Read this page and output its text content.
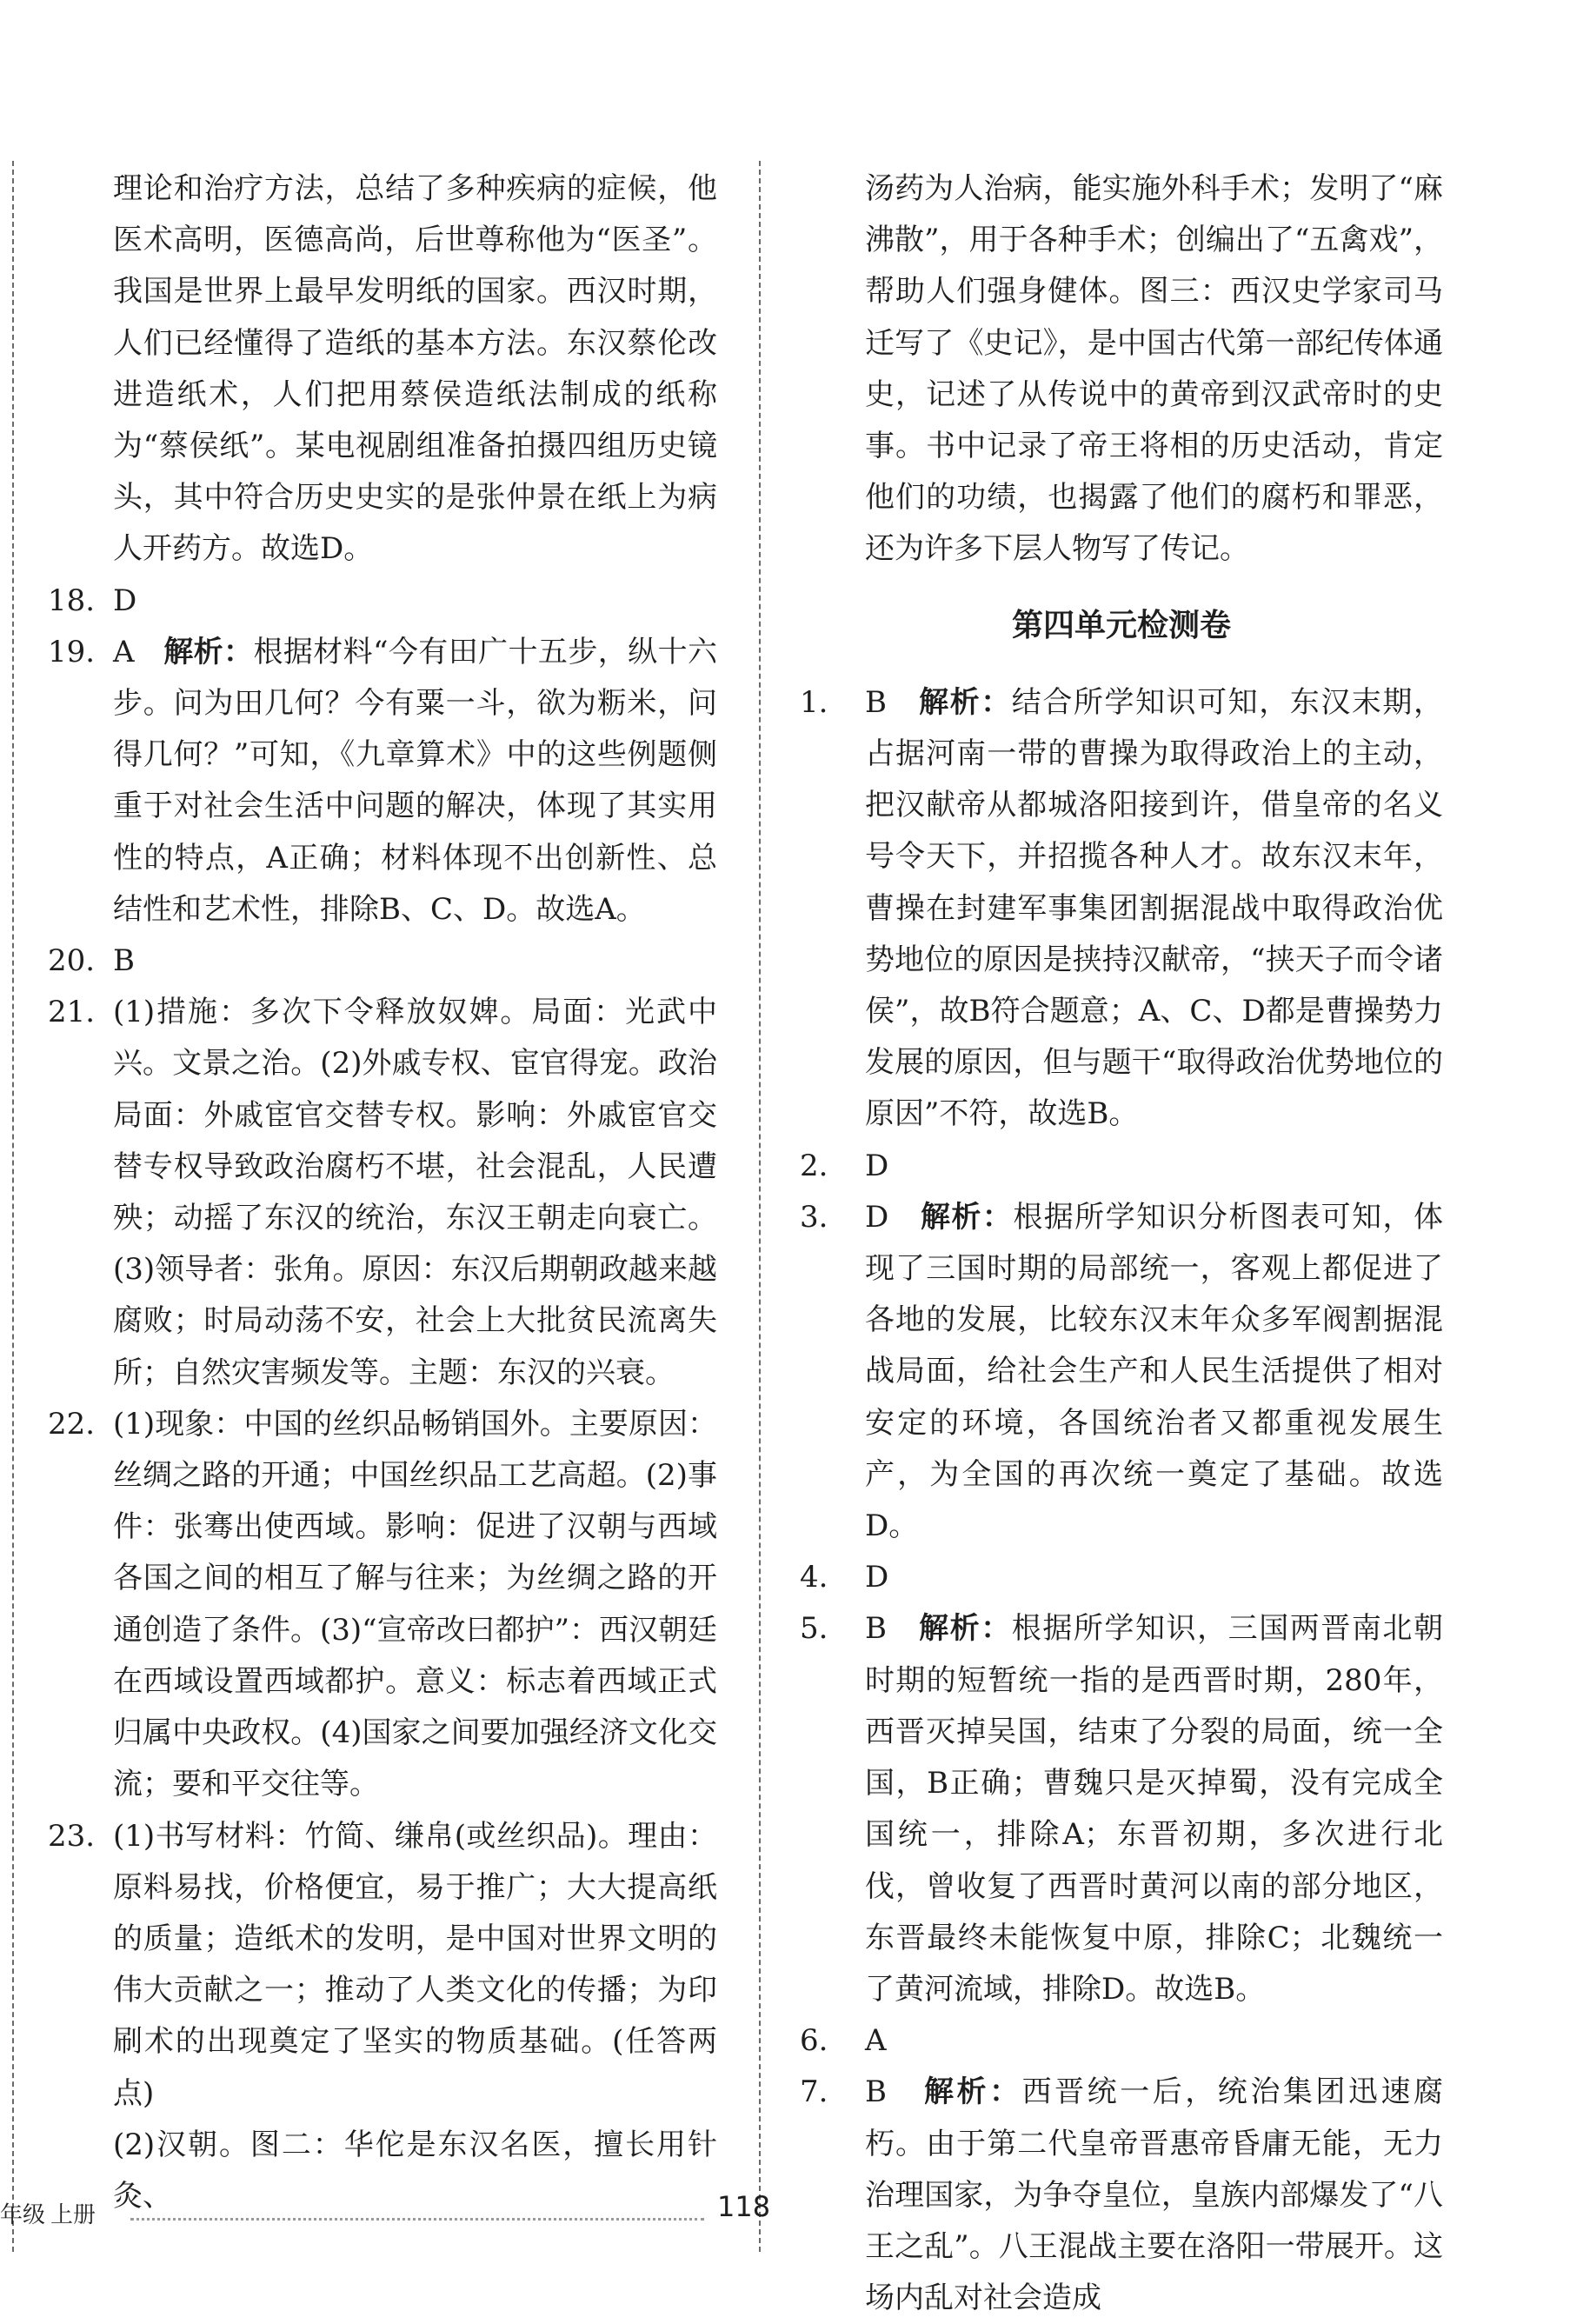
理论和治疗方法，总结了多种疾病的症候，他医术高明，医德高尚，后世尊称他为“医圣”。我国是世界上最早发明纸的国家。西汉时期，人们已经懂得了造纸的基本方法。东汉蔡伦改进造纸术，人们把用蔡侯造纸法制成的纸称为“蔡侯纸”。某电视剧组准备拍摄四组历史镜头，其中符合历史史实的是张仲景在纸上为病人开药方。故选D。
18. D
19. A 解析：根据材料“今有田广十五步，纵十六步。问为田几何？今有粟一斗，欲为粝米，问得几何？”可知，《九章算术》中的这些例题侧重于对社会生活中问题的解决，体现了其实用性的特点，A正确；材料体现不出创新性、总结性和艺术性，排除B、C、D。故选A。
20. B
21. (1)措施：多次下令释放奴婢。局面：光武中兴。文景之治。(2)外戚专权、宦官得宠。政治局面：外戚宦官交替专权。影响：外戚宦官交替专权导致政治腐朽不堪，社会混乱，人民遭殃；动摇了东汉的统治，东汉王朝走向衰亡。(3)领导者：张角。原因：东汉后期朝政越来越腐败；时局动荡不安，社会上大批贫民流离失所；自然灾害频发等。主题：东汉的兴衰。
22. (1)现象：中国的丝织品畅销国外。主要原因：丝绸之路的开通；中国丝织品工艺高超。(2)事件：张骞出使西域。影响：促进了汉朝与西域各国之间的相互了解与往来；为丝绸之路的开通创造了条件。(3)“宣帝改曰都护”：西汉朝廷在西域设置西域都护。意义：标志着西域正式归属中央政权。(4)国家之间要加强经济文化交流；要和平交往等。
23. (1)书写材料：竹简、缣帛(或丝织品)。理由：原料易找，价格便宜，易于推广；大大提高纸的质量；造纸术的发明，是中国对世界文明的伟大贡献之一；推动了人类文化的传播；为印刷术的出现奠定了坚实的物质基础。(任答两点)
(2)汉朝。图二：华佗是东汉名医，擅长用针灸、
汤药为人治病，能实施外科手术；发明了“麻沸散”，用于各种手术；创编出了“五禽戏”，帮助人们强身健体。图三：西汉史学家司马迁写了《史记》，是中国古代第一部纪传体通史，记述了从传说中的黄帝到汉武帝时的史事。书中记录了帝王将相的历史活动，肯定他们的功绩，也揭露了他们的腐朽和罪恶，还为许多下层人物写了传记。
第四单元检测卷
1. B 解析：结合所学知识可知，东汉末期，占据河南一带的曹操为取得政治上的主动，把汉献帝从都城洛阳接到许，借皇帝的名义号令天下，并招揽各种人才。故东汉末年，曹操在封建军事集团割据混战中取得政治优势地位的原因是挟持汉献帝，“挟天子而令诸侯”，故B符合题意；A、C、D都是曹操势力发展的原因，但与题干“取得政治优势地位的原因”不符，故选B。
2. D
3. D 解析：根据所学知识分析图表可知，体现了三国时期的局部统一，客观上都促进了各地的发展，比较东汉末年众多军阀割据混战局面，给社会生产和人民生活提供了相对安定的环境，各国统治者又都重视发展生产，为全国的再次统一奠定了基础。故选D。
4. D
5. B 解析：根据所学知识，三国两晋南北朝时期的短暂统一指的是西晋时期，280年，西晋灭掉吴国，结束了分裂的局面，统一全国，B正确；曹魏只是灭掉蜀，没有完成全国统一，排除A；东晋初期，多次进行北伐，曾收复了西晋时黄河以南的部分地区，东晋最终未能恢复中原，排除C；北魏统一了黄河流域，排除D。故选B。
6. A
7. B 解析：西晋统一后，统治集团迅速腐朽。由于第二代皇帝晋惠帝昏庸无能，无力治理国家，为争夺皇位，皇族内部爆发了“八王之乱”。八王混战主要在洛阳一带展开。这场内乱对社会造成
年级 上册	118
